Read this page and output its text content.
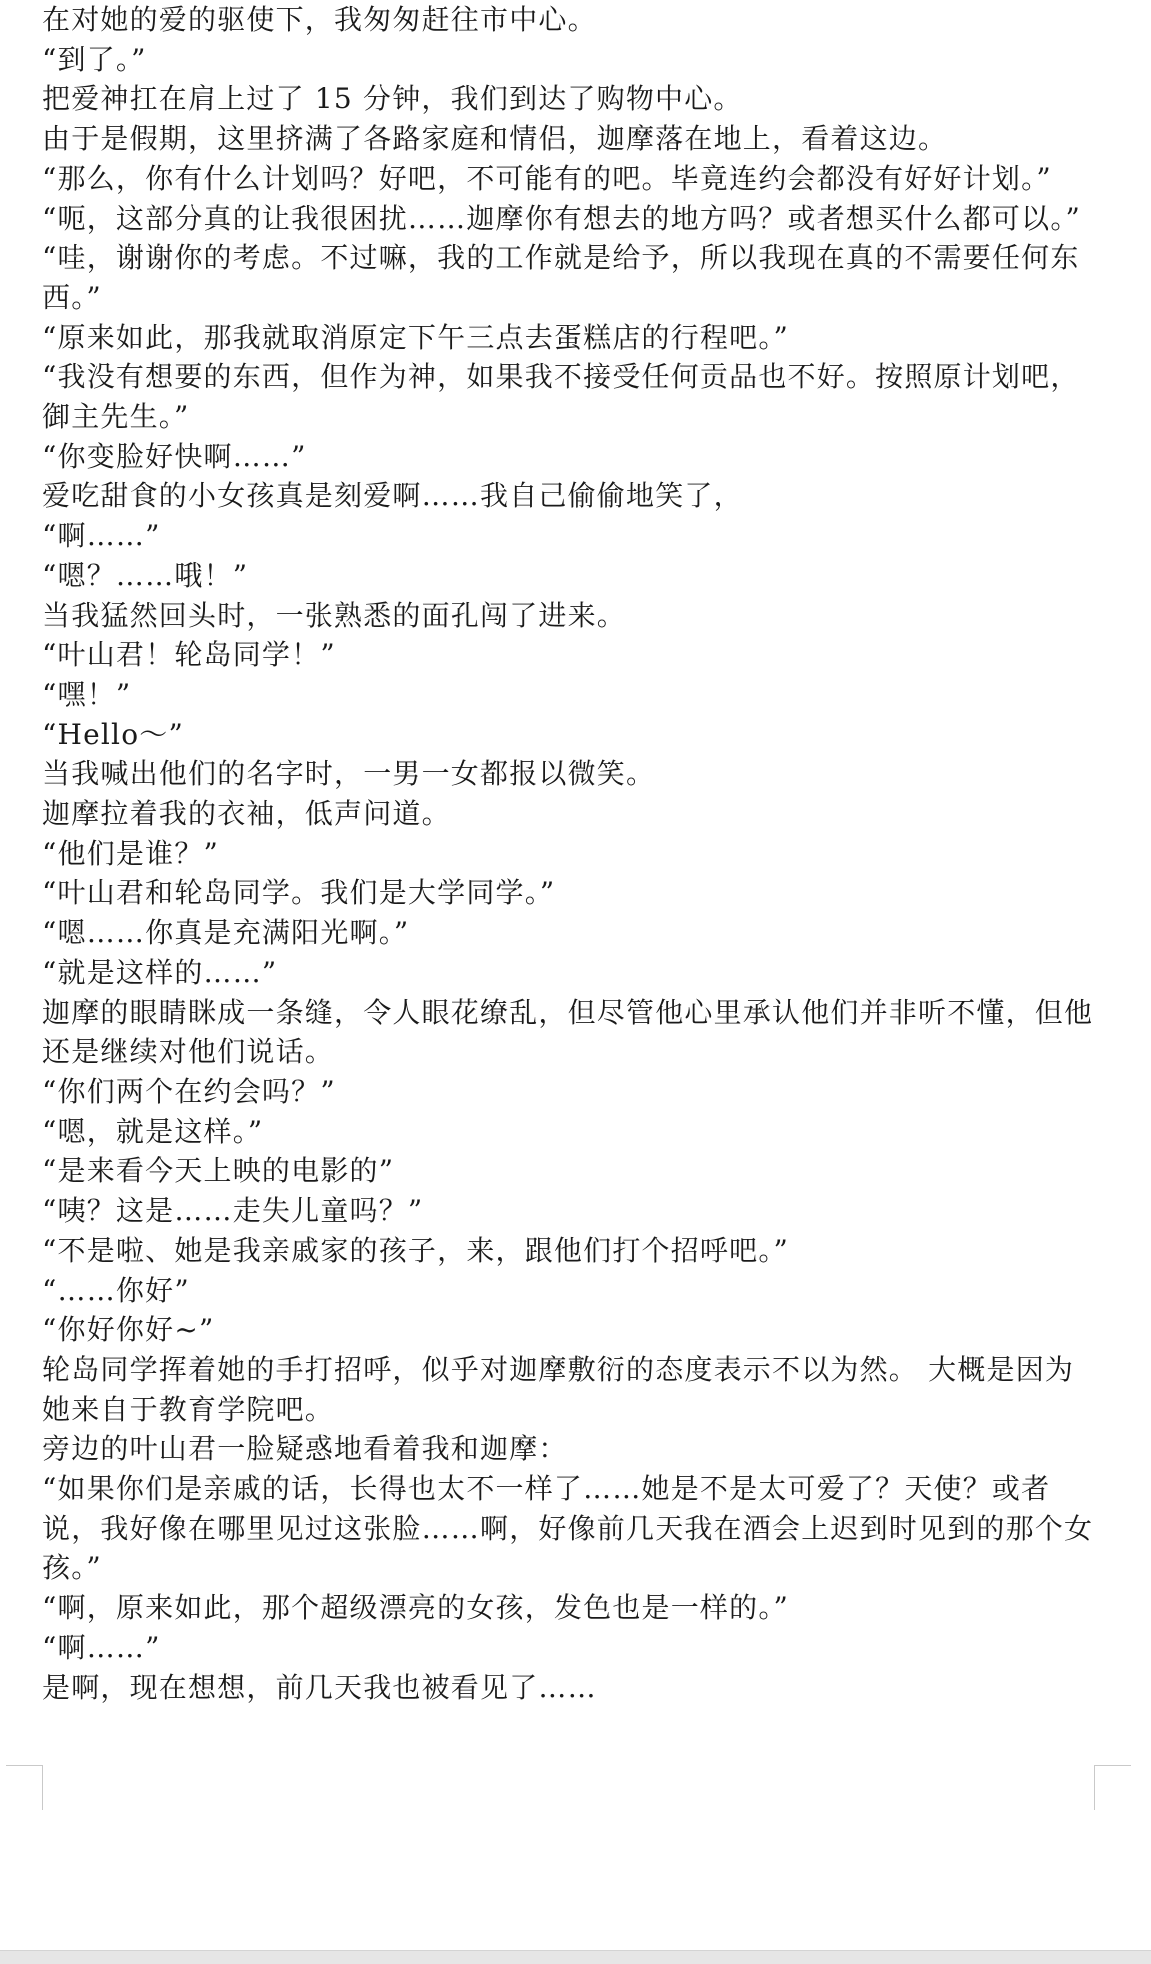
在对她的爱的驱使下，我匆匆赶往市中心。

“到了。”

把爱神扛在肩上过了 15 分钟，我们到达了购物中心。

由于是假期，这里挤满了各路家庭和情侣，迦摩落在地上，看着这边。

“那么，你有什么计划吗？好吧，不可能有的吧。毕竟连约会都没有好好计划。”

“呃，这部分真的让我很困扰……迦摩你有想去的地方吗？或者想买什么都可以。”

“哇，谢谢你的考虑。不过嘛，我的工作就是给予，所以我现在真的不需要任何东西。”

“原来如此，那我就取消原定下午三点去蛋糕店的行程吧。”

“我没有想要的东西，但作为神，如果我不接受任何贡品也不好。按照原计划吧，御主先生。”

“你变脸好快啊……”

爱吃甜食的小女孩真是刻爱啊……我自己偷偷地笑了，

“啊……”

“嗯？……哦！”

当我猛然回头时，一张熟悉的面孔闯了进来。

“叶山君！轮岛同学！”

“嘿！”

“Hello～”

当我喊出他们的名字时，一男一女都报以微笑。

迦摩拉着我的衣袖，低声问道。

“他们是谁？”

“叶山君和轮岛同学。我们是大学同学。”

“嗯……你真是充满阳光啊。”

“就是这样的……”

迦摩的眼睛眯成一条缝，令人眼花缭乱，但尽管他心里承认他们并非听不懂，但他还是继续对他们说话。

“你们两个在约会吗？”

“嗯，就是这样。”

“是来看今天上映的电影的”

“咦？这是……走失儿童吗？”

“不是啦、她是我亲戚家的孩子，来，跟他们打个招呼吧。”

“……你好”

“你好你好~”

轮岛同学挥着她的手打招呼，似乎对迦摩敷衍的态度表示不以为然。 大概是因为她来自于教育学院吧。

旁边的叶山君一脸疑惑地看着我和迦摩：

“如果你们是亲戚的话，长得也太不一样了……她是不是太可爱了？天使？或者说，我好像在哪里见过这张脸……啊，好像前几天我在酒会上迟到时见到的那个女孩。”

“啊，原来如此，那个超级漂亮的女孩，发色也是一样的。”

“啊……”

是啊，现在想想，前几天我也被看见了……
